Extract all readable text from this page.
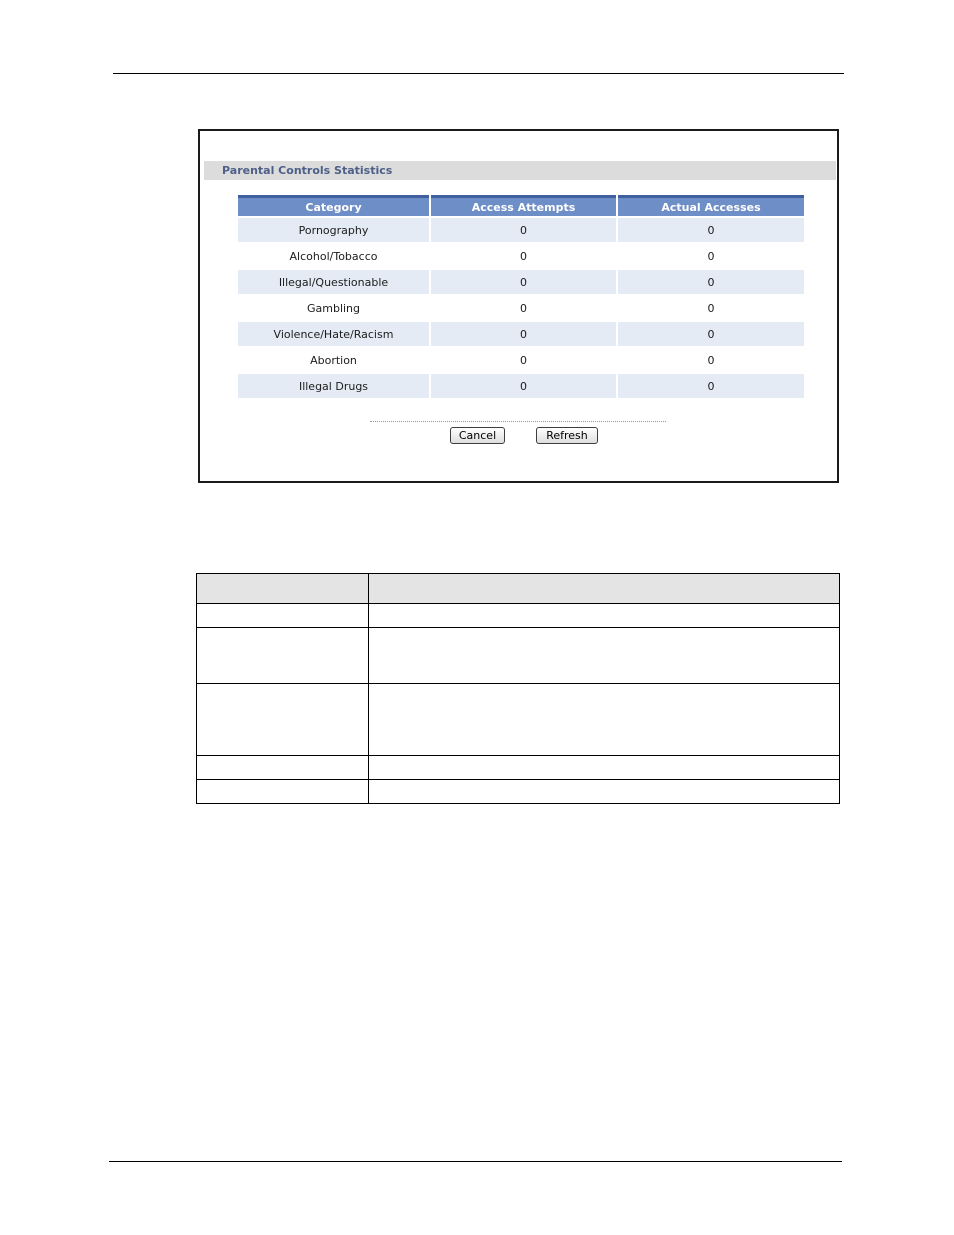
Parental Controls Statistics
Category	Access Attempts	Actual Accesses
Pornography	0	0
Alcohol/Tobacco	0	0
Illegal/Questionable	0	0
Gambling	0	0
Violence/Hate/Racism	0	0
Abortion	0	0
Illegal Drugs	0	0
Cancel	Refresh
